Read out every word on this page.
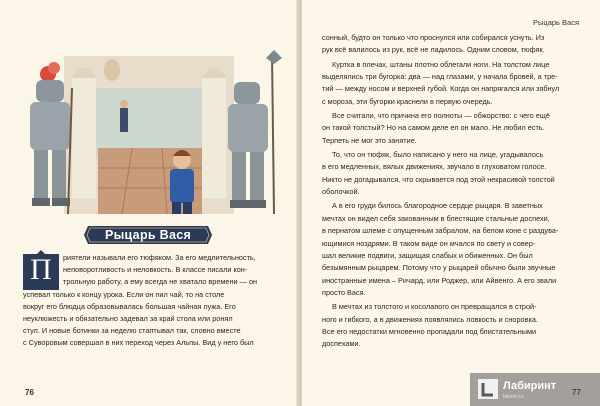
Рыцарь Вася
П	риятели называли его тюфяком. За его медлительность,
неповоротливость и неловкость. В классе писали кон-
трольную работу, а ему всегда не хватало времени — он
успевал только к концу урока. Если он пил чай, то на столе
вокруг его блюдца образовывалась большая чайная лужа. Его
неуклюжесть и обязательно задевал за край стола или ронял
стул. И новые ботинки за неделю стаптывал так, словно вместе
с Суворовым совершал в них переход через Альпы. Вид у него был
76
Рыцарь Вася

сонный, будто он только что проснулся или собирался уснуть. Из
рук всё валилось из рук, всё не ладилось. Одним словом, тюфяк.

Куртка в плечах, штаны плотно облегали ноги. На толстом лице
выделялись три бугорка: два — над глазами, у начала бровей, а тре-
тий — между носом и верхней губой. Когда он напрягался или зябнул
с мороза, эти бугорки краснели в первую очередь.

Все считали, что причина его полноты — обжорство: с чего ещё
он такой толстый? Но на самом деле ел он мало. Не любил есть.
Терпеть не мог это занятие.

То, что он тюфяк, было написано у него на лице, угадывалось
в его медленных, вялых движениях, звучало в глуховатом голосе.
Никто не догадывался, что скрывается под этой некрасивой толстой
оболочкой.

А в его груди билось благородное сердце рыцаря. В заветных
мечтах он видел себя закованным в блестящие стальные доспехи,
в пернатом шлеме с опущенным забралом, на белом коне с раздува-
ющимися ноздрями. В таком виде он мчался по свету и совер-
шал великие подвиги, защищая слабых и обиженных. Он был
безымянным рыцарем. Потому что у рыцарей обычно были звучные
иностранные имена – Ричард, или Роджер, или Айвенго. А его звали
просто Вася.

В мечтах из толстого и косолапого он превращался в строй-
ного и гибкого, а в движениях появлялись ловкость и сноровка.
Все его недостатки мгновенно пропадали под блистательными
доспехами.

Лабиринт
labirint.ru
